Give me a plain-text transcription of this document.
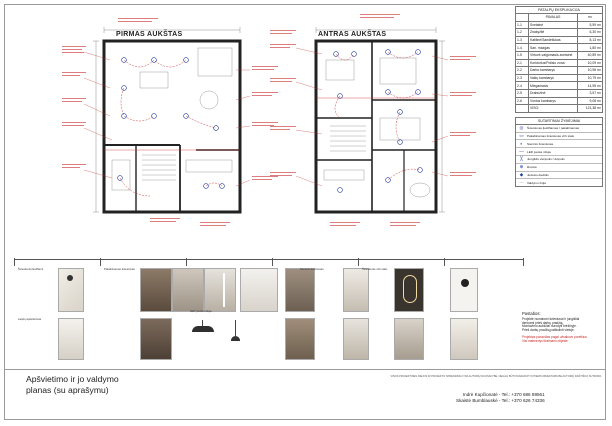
PIRMAS AUKŠTAS	ANTRAS AUKŠTAS
PATALPŲ EKSPLIKACIJA
	PAVALAS	m²
1-1	Svetainė	5,59 m²
1-2	Znakyžilė	6,30 m²
1-3	Katilinė/Sandėliukas	8,13 m²
1-4	San. mazgas	1,80 m²
1-5	Virtuvė-valgomasis-svetainė	40,89 m²
2-1	Koridorius/Poilsio zona	10,09 m²
2-2	Darbo kambarys	10,96 m²
2-3	Vaikų kambarys	10,79 m²
2-4	Miegamasis	14,95 m²
2-5	Drabužinė	3,57 m²
2-6	Vonios kambarys	9,08 m²
	VISO:	121,38 m²
SUTARTINIAI ŽYMĖJIMAI
◎	Šviestuvas įleidžiamas / pakabinamas
▭	Pakabinamas šviestuvas virš stalo
◐	Sieninis šviestuvas
—	LED juosta nišoje
╳	Jungiklis vienpolis / dvipolis
⊕	Rozetė
◆	Judesio daviklis
⋯	Valdymo linija
Šviestuvai įleidžiami	Pakabinamas šviestuvas
LED juosta nišoje
Sieninis šviestuvas	Šviestuvas virš stalo
Laiptų apšvietimas
Pastabos:
Projekte numatomi šviestuvai ir jungikliai
derinami prieš darbų pradžią.
Montavimo aukščiai nurodyti brėžinyje.
Prieš darbų pradžią patikslinti vietoje.
Projektas paruoštas pagal užsakovo poreikius
Visi matmenys tikslinami objekte
Apšvietimo ir jo valdymo
planas (su aprašymu)
VISOS PROJEKTINĖS IDĖJOS IR PROJEKTO SPRENDINIAI YRA AUTORIŲ NUOSAVYBĖ. NEGALI BŪTI PANAUDOTI KITIEMS OBJEKTAMS BE AUTORIŲ RAŠTIŠKO SUTIKIMO.
Indrė Kupčionatė - Tel.: +370 686 89561
Skaistė Bumblauskė - Tel.: +370 626 74336
